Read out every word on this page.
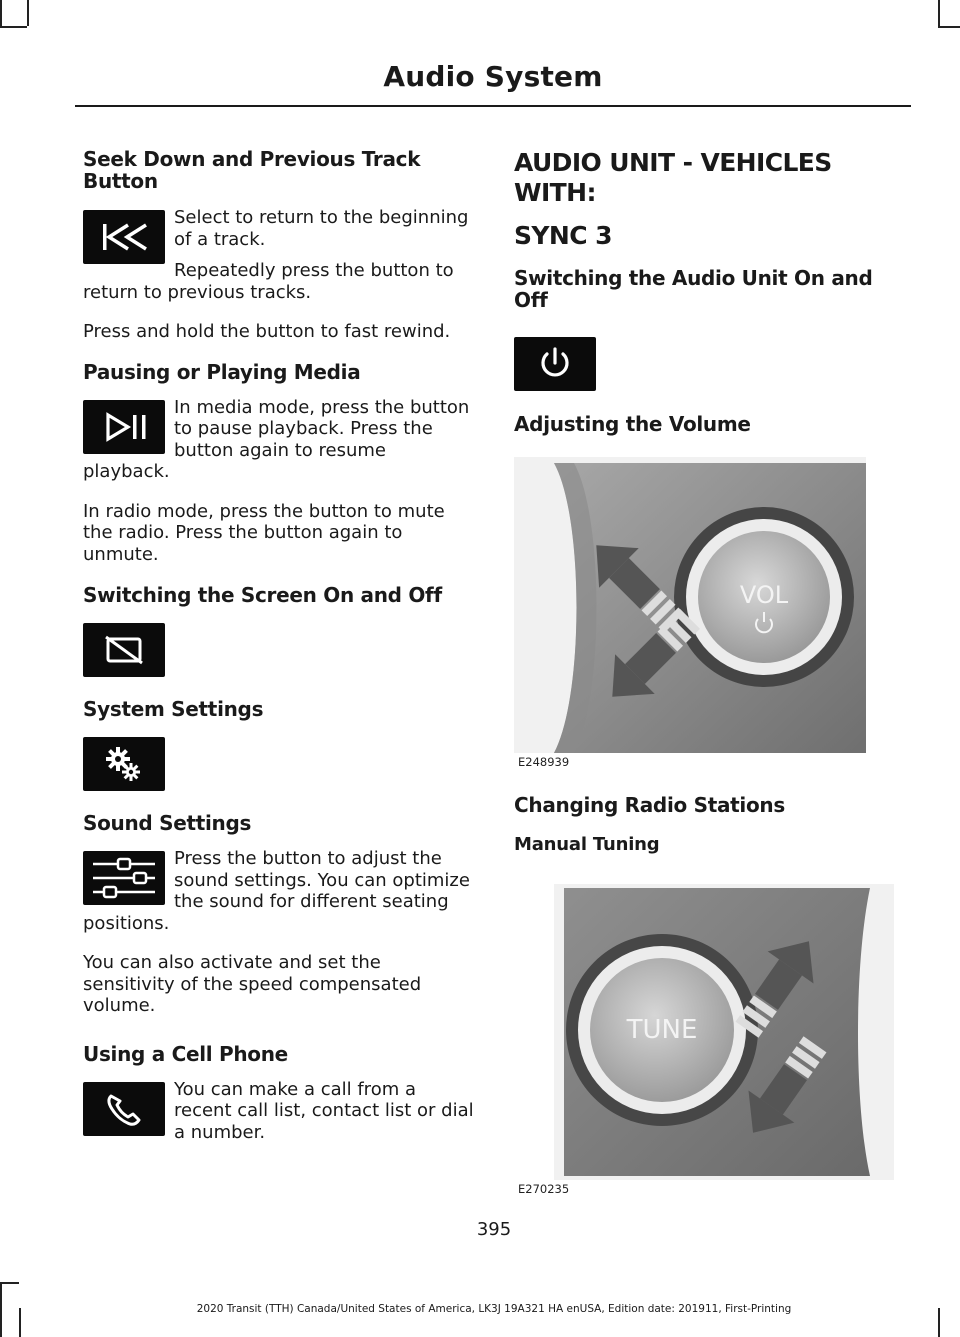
Audio System
Seek Down and Previous Track Button

Select to return to the beginning of a track.

Repeatedly press the button to return to previous tracks.

Press and hold the button to fast rewind.

Pausing or Playing Media

In media mode, press the button to pause playback. Press the button again to resume playback.

In radio mode, press the button to mute the radio. Press the button again to unmute.

Switching the Screen On and Off
System Settings
Sound Settings

Press the button to adjust the sound settings. You can optimize the sound for different seating positions.

You can also activate and set the sensitivity of the speed compensated volume.

Using a Cell Phone

You can make a call from a recent call list, contact list or dial a number.

AUDIO UNIT - VEHICLES WITH:
SYNC 3
Switching the Audio Unit On and Off
Adjusting the Volume
VOL
E248939
Changing Radio Stations
Manual Tuning
TUNE
E270235
395
2020 Transit (TTH) Canada/United States of America, LK3J 19A321 HA enUSA, Edition date: 201911, First-Printing
